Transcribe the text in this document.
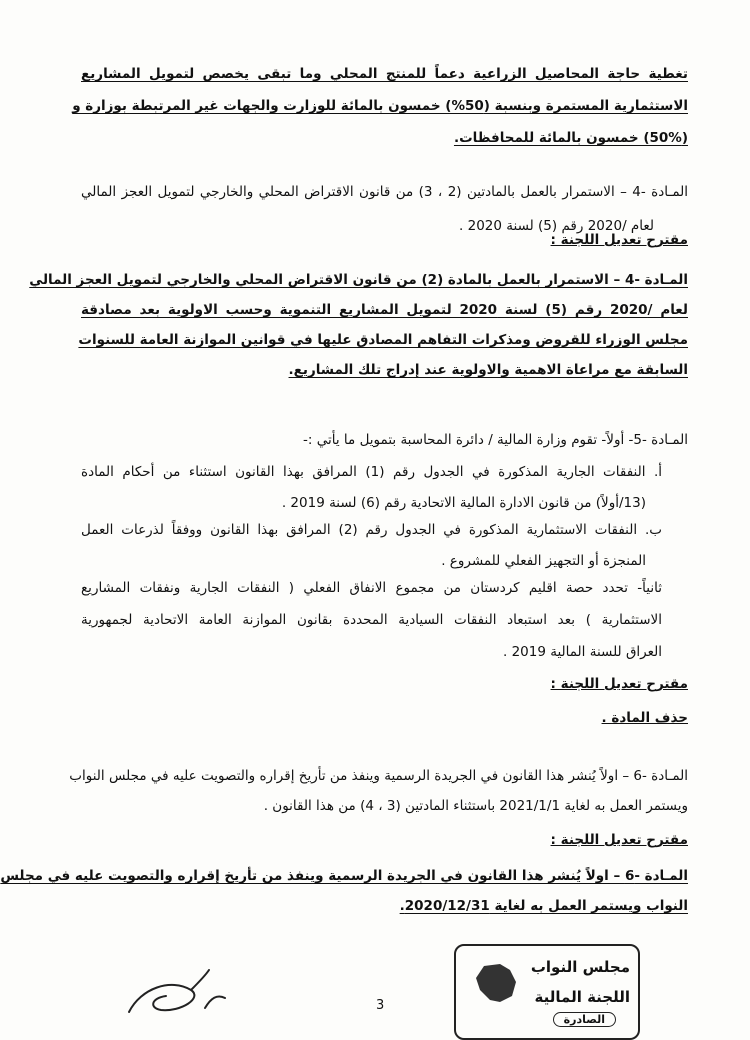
تغطية حاجة المحاصيل الزراعية دعماً للمنتج المحلي وما تبقى يخصص لتمويل المشاريع
الاستثمارية المستمرة وبنسبة (50%) خمسون بالمائة للوزارت والجهات غير المرتبطة بوزارة و
(50%) خمسون بالمائة للمحافظات.
المـادة -4 – الاستمرار بالعمل بالمادتين (2 ، 3) من قانون الاقتراض المحلي والخارجي لتمويل العجز المالي
لعام /2020 رقم (5) لسنة 2020 .
مقترح تعديل اللجنة :
المـادة -4 – الاستمرار بالعمل بالمادة (2) من قانون الاقتراض المحلي والخارجي لتمويل العجز المالي
لعام /2020 رقم (5) لسنة 2020 لتمويل المشاريع التنموية وحسب الاولوية بعد مصادقة
مجلس الوزراء للقروض ومذكرات التفاهم المصادق عليها في قوانين الموازنة العامة للسنوات
السابقة مع مراعاة الاهمية والاولوية عند إدراج تلك المشاريع.
المـادة -5- أولاً- تقوم وزارة المالية / دائرة المحاسبة بتمويل ما يأتي :-
أ. النفقات الجارية المذكورة في الجدول رقم (1) المرافق بهذا القانون استثناء من أحكام المادة
(13/أولاً) من قانون الادارة المالية الاتحادية رقم (6) لسنة 2019 .
ب. النفقات الاستثمارية المذكورة في الجدول رقم (2) المرافق بهذا القانون ووفقاً لذرعات العمل
المنجزة أو التجهيز الفعلي للمشروع .
ثانياً- تحدد حصة اقليم كردستان من مجموع الانفاق الفعلي ( النفقات الجارية ونفقات المشاريع
الاستثمارية ) بعد استبعاد النفقات السيادية المحددة بقانون الموازنة العامة الاتحادية لجمهورية
العراق للسنة المالية 2019 .
مقترح تعديل اللجنة :
حذف المادة .
المـادة -6 – اولاً يُنشر هذا القانون في الجريدة الرسمية وينفذ من تأريخ إقراره والتصويت عليه في مجلس النواب
ويستمر العمل به لغاية 2021/1/1 باستثناء المادتين (3 ، 4) من هذا القانون .
مقترح تعديل اللجنة :
المـادة -6 – اولاً يُنشر هذا القانون في الجريدة الرسمية وينفذ من تأريخ إقراره والتصويت عليه في مجلس
النواب ويستمر العمل به لغاية 2020/12/31.
3
مجلس النواب
اللجنة المالية
الصادرة
